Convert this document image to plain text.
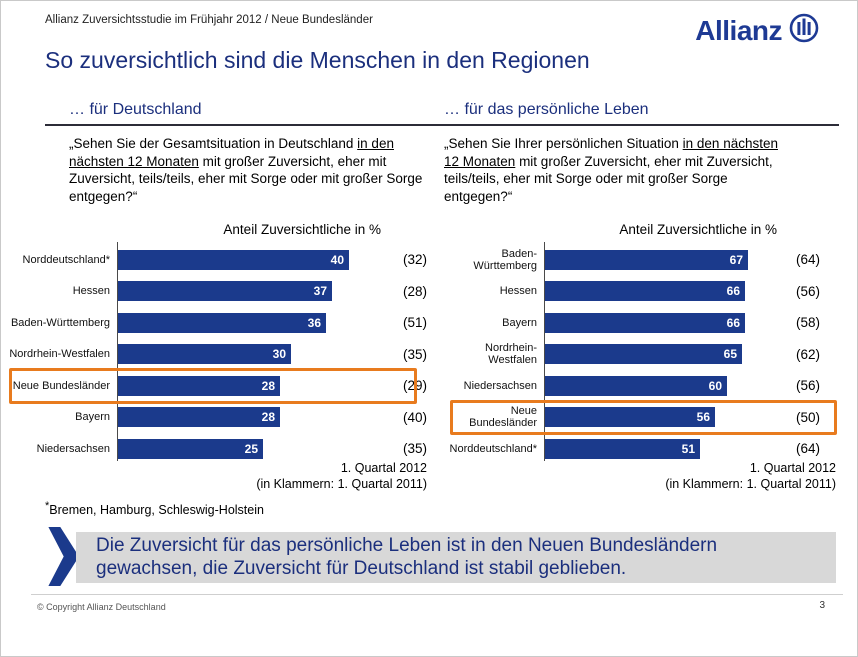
Allianz Zuversichtsstudie im Frühjahr 2012 / Neue Bundesländer	Allianz
So zuversichtlich sind die Menschen in den Regionen
… für Deutschland	… für das persönliche Leben
„Sehen Sie der Gesamtsituation in Deutschland in den nächsten 12 Monaten mit großer Zuversicht, eher mit Zuversicht, teils/teils, eher mit Sorge oder mit großer Sorge entgegen?“
„Sehen Sie Ihrer persönlichen Situation in den nächsten 12 Monaten mit großer Zuversicht, eher mit Zuversicht, teils/teils, eher mit Sorge oder mit großer Sorge entgegen?“
Anteil Zuversichtliche in %	Anteil Zuversichtliche in %
Norddeutschland*	40	(32)
Hessen	37	(28)
Baden-Württemberg	36	(51)
Nordrhein-Westfalen	30	(35)
Neue Bundesländer	28	(29)
Bayern	28	(40)
Niedersachsen	25	(35)
Baden-Württemberg	67	(64)
Hessen	66	(56)
Bayern	66	(58)
Nordrhein-Westfalen	65	(62)
Niedersachsen	60	(56)
Neue Bundesländer	56	(50)
Norddeutschland*	51	(64)
1. Quartal 2012
(in Klammern: 1. Quartal 2011)
1. Quartal 2012
(in Klammern: 1. Quartal 2011)
*Bremen, Hamburg, Schleswig-Holstein
Die Zuversicht für das persönliche Leben ist in den Neuen Bundesländern
gewachsen, die Zuversicht für Deutschland ist stabil geblieben.
© Copyright Allianz Deutschland	3
